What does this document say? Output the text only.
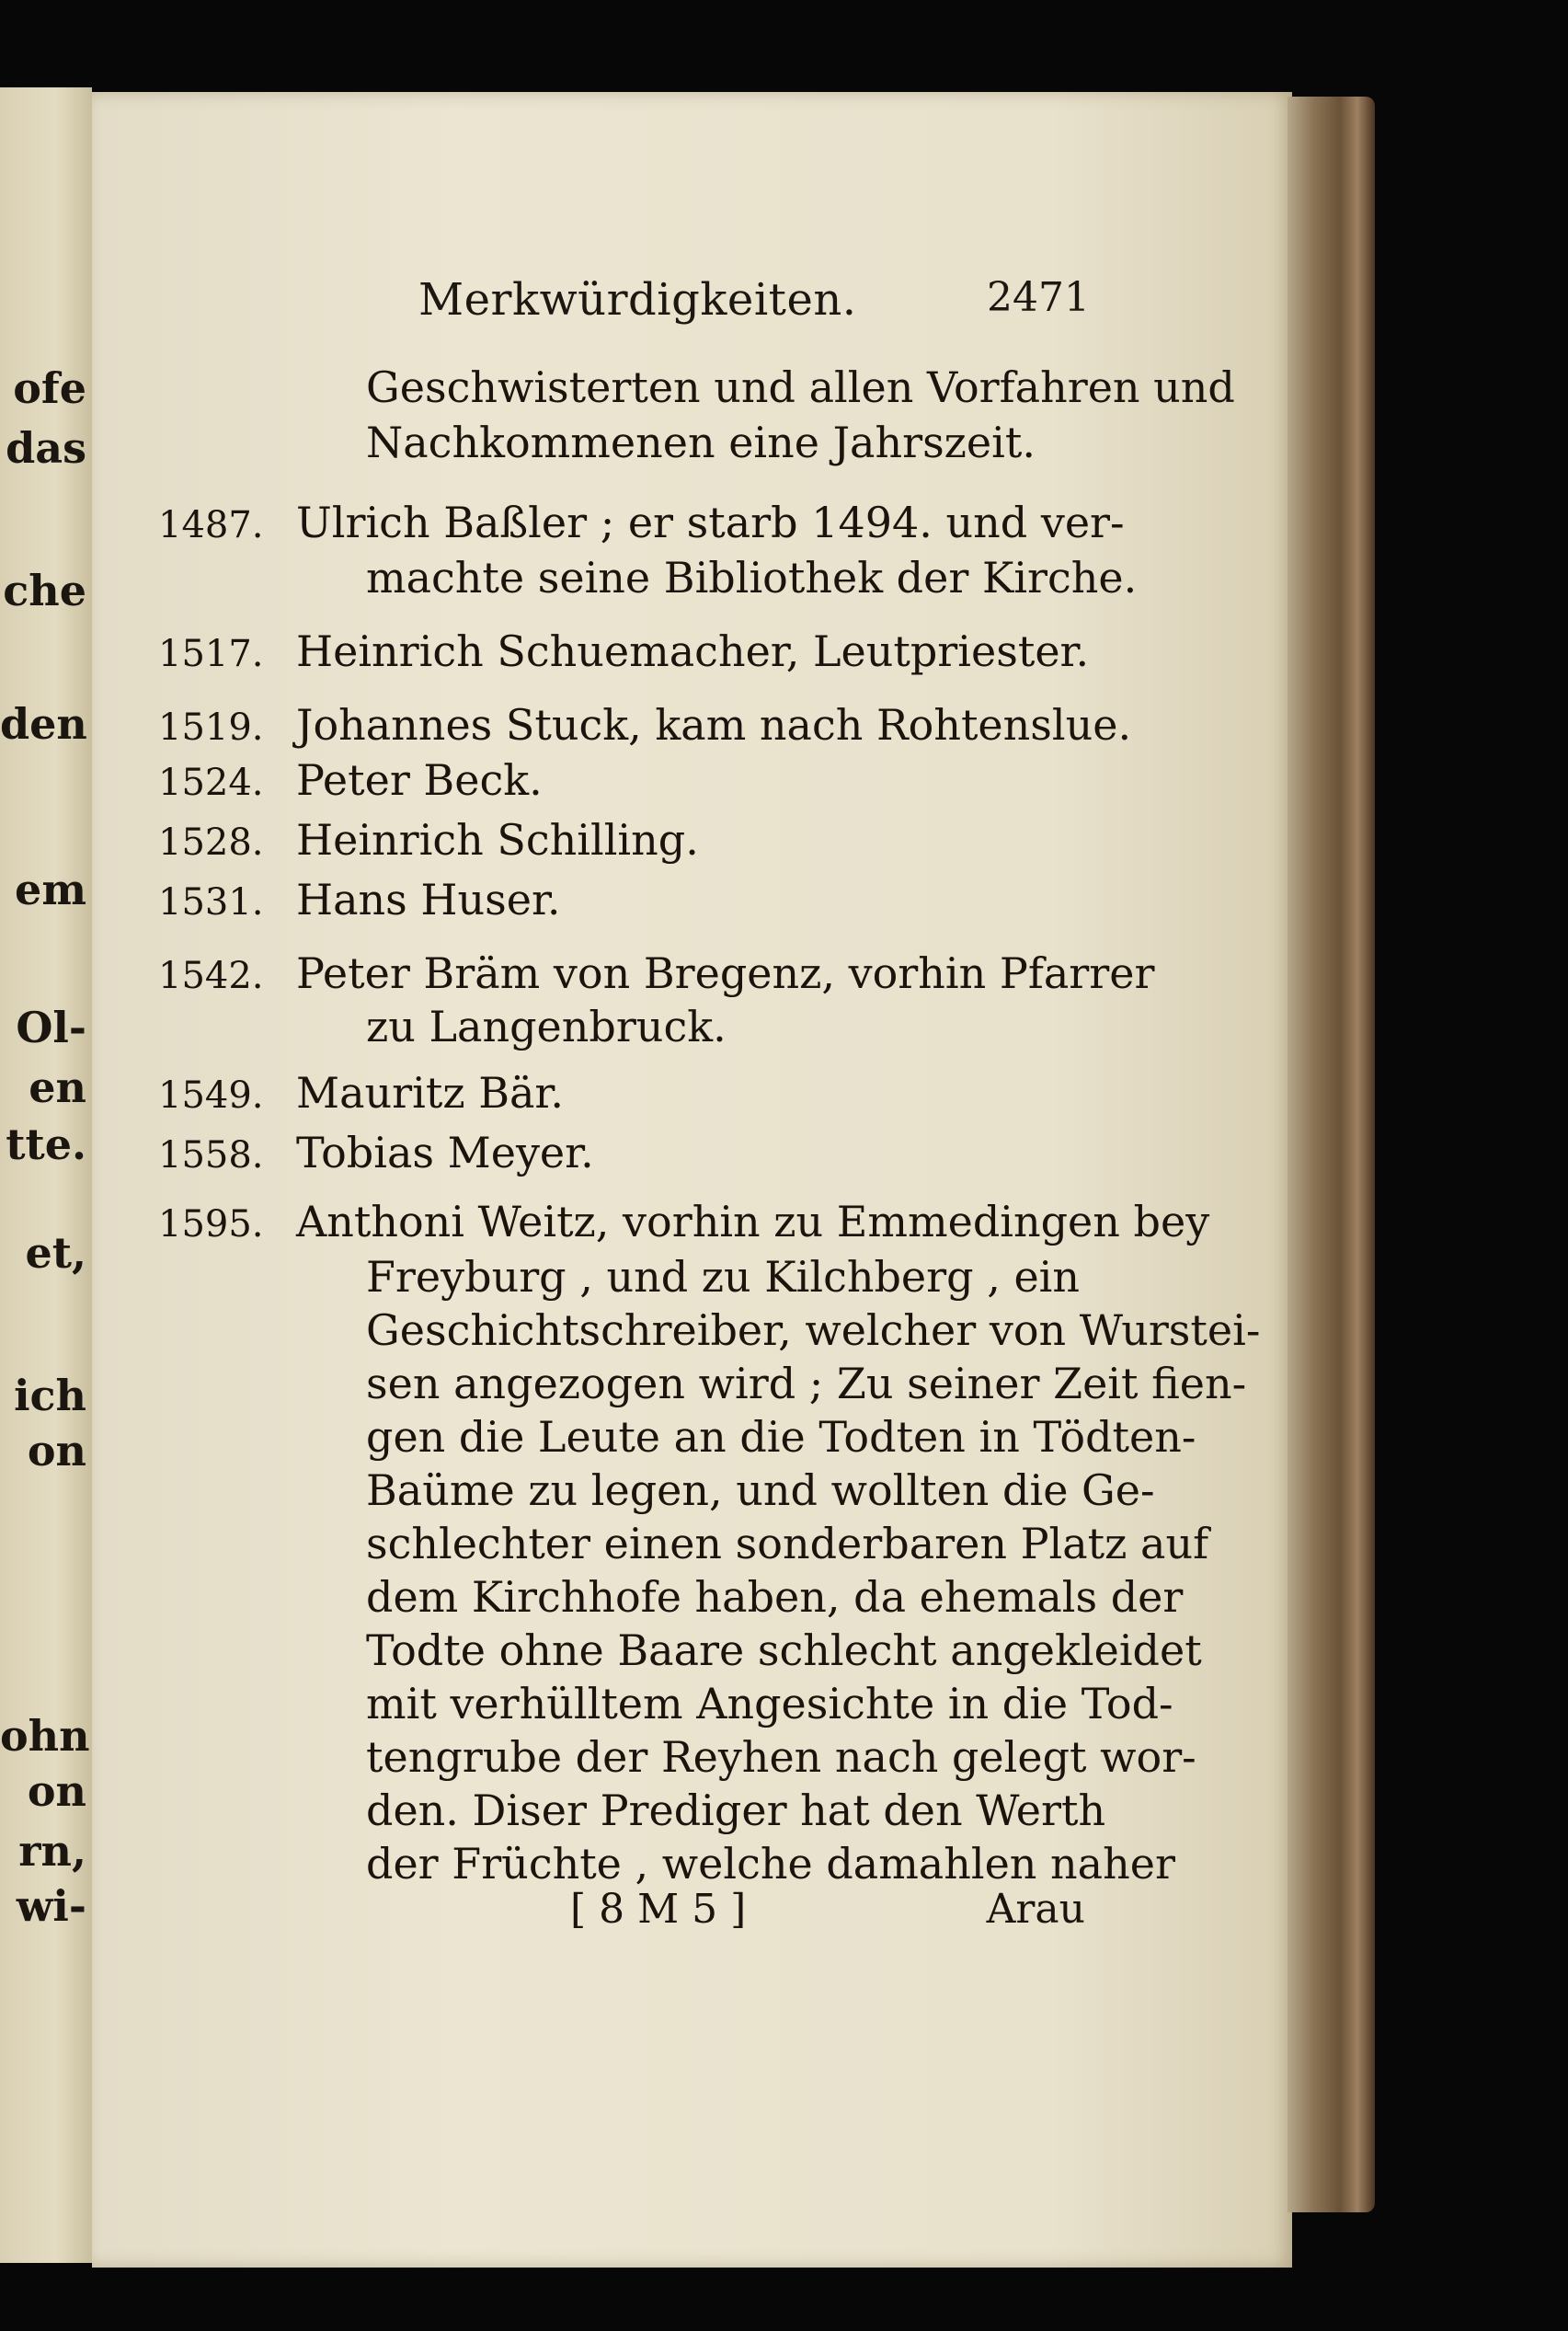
ofe
das
che
den
em
Ol-
en
tte.
et,
ich
on
ohn
on
rn,
wi-
Merkwürdigkeiten.	2471
Geschwisterten und allen Vorfahren und
Nachkommenen eine Jahrszeit.
1487. Ulrich Baßler ; er starb 1494. und ver-
machte seine Bibliothek der Kirche.
1517. Heinrich Schuemacher, Leutpriester.
1519. Johannes Stuck, kam nach Rohtenslue.
1524. Peter Beck.
1528. Heinrich Schilling.
1531. Hans Huser.
1542. Peter Bräm von Bregenz, vorhin Pfarrer
zu Langenbruck.
1549. Mauritz Bär.
1558. Tobias Meyer.
1595. Anthoni Weitz, vorhin zu Emmedingen bey
Freyburg , und zu Kilchberg , ein
Geschichtschreiber, welcher von Wurstei-
sen angezogen wird ; Zu seiner Zeit fien-
gen die Leute an die Todten in Tödten-
Baüme zu legen, und wollten die Ge-
schlechter einen sonderbaren Platz auf
dem Kirchhofe haben, da ehemals der
Todte ohne Baare schlecht angekleidet
mit verhülltem Angesichte in die Tod-
tengrube der Reyhen nach gelegt wor-
den. Diser Prediger hat den Werth
der Früchte , welche damahlen naher
[ 8 M 5 ]	Arau
